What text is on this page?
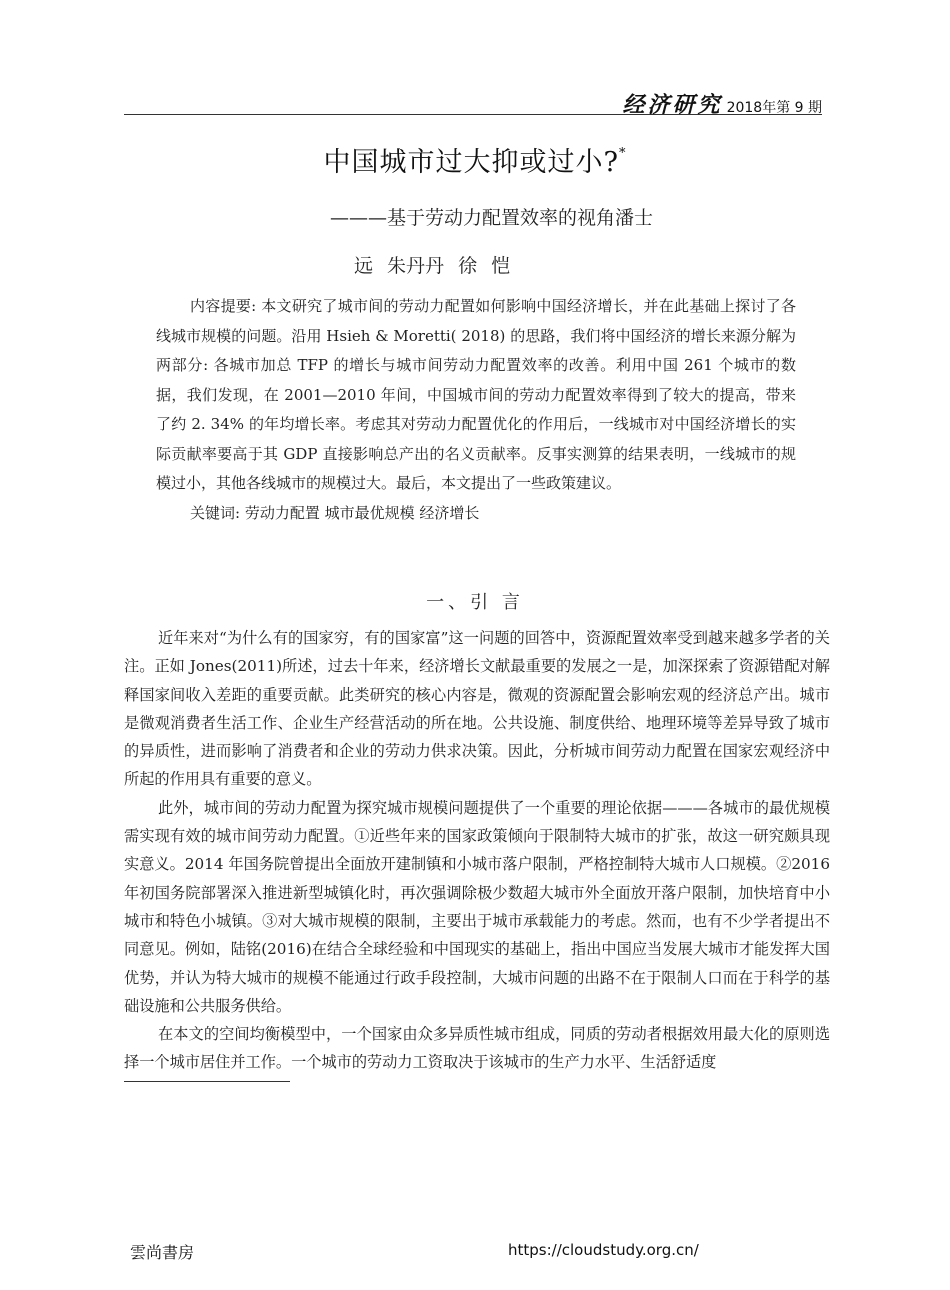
经济研究 2018年第 9 期
中国城市过大抑或过小?*
———基于劳动力配置效率的视角潘士
远 朱丹丹 徐 恺

内容提要: 本文研究了城市间的劳动力配置如何影响中国经济增长，并在此基础上探讨了各线城市规模的问题。沿用 Hsieh & Moretti( 2018) 的思路，我们将中国经济的增长来源分解为两部分: 各城市加总 TFP 的增长与城市间劳动力配置效率的改善。利用中国 261 个城市的数据，我们发现，在 2001—2010 年间，中国城市间的劳动力配置效率得到了较大的提高，带来了约 2. 34% 的年均增长率。考虑其对劳动力配置优化的作用后，一线城市对中国经济增长的实际贡献率要高于其 GDP 直接影响总产出的名义贡献率。反事实测算的结果表明，一线城市的规模过小，其他各线城市的规模过大。最后，本文提出了一些政策建议。

关键词: 劳动力配置 城市最优规模 经济增长

一、引 言

近年来对“为什么有的国家穷，有的国家富”这一问题的回答中，资源配置效率受到越来越多学者的关注。正如 Jones(2011)所述，过去十年来，经济增长文献最重要的发展之一是，加深探索了资源错配对解释国家间收入差距的重要贡献。此类研究的核心内容是，微观的资源配置会影响宏观的经济总产出。城市是微观消费者生活工作、企业生产经营活动的所在地。公共设施、制度供给、地理环境等差异导致了城市的异质性，进而影响了消费者和企业的劳动力供求决策。因此，分析城市间劳动力配置在国家宏观经济中所起的作用具有重要的意义。

此外，城市间的劳动力配置为探究城市规模问题提供了一个重要的理论依据———各城市的最优规模需实现有效的城市间劳动力配置。①近些年来的国家政策倾向于限制特大城市的扩张，故这一研究颇具现实意义。2014 年国务院曾提出全面放开建制镇和小城市落户限制，严格控制特大城市人口规模。②2016 年初国务院部署深入推进新型城镇化时，再次强调除极少数超大城市外全面放开落户限制，加快培育中小城市和特色小城镇。③对大城市规模的限制，主要出于城市承载能力的考虑。然而，也有不少学者提出不同意见。例如，陆铭(2016)在结合全球经验和中国现实的基础上，指出中国应当发展大城市才能发挥大国优势，并认为特大城市的规模不能通过行政手段控制，大城市问题的出路不在于限制人口而在于科学的基础设施和公共服务供给。

在本文的空间均衡模型中，一个国家由众多异质性城市组成，同质的劳动者根据效用最大化的原则选择一个城市居住并工作。一个城市的劳动力工资取决于该城市的生产力水平、生活舒适度

雲尚書房	https://cloudstudy.org.cn/
